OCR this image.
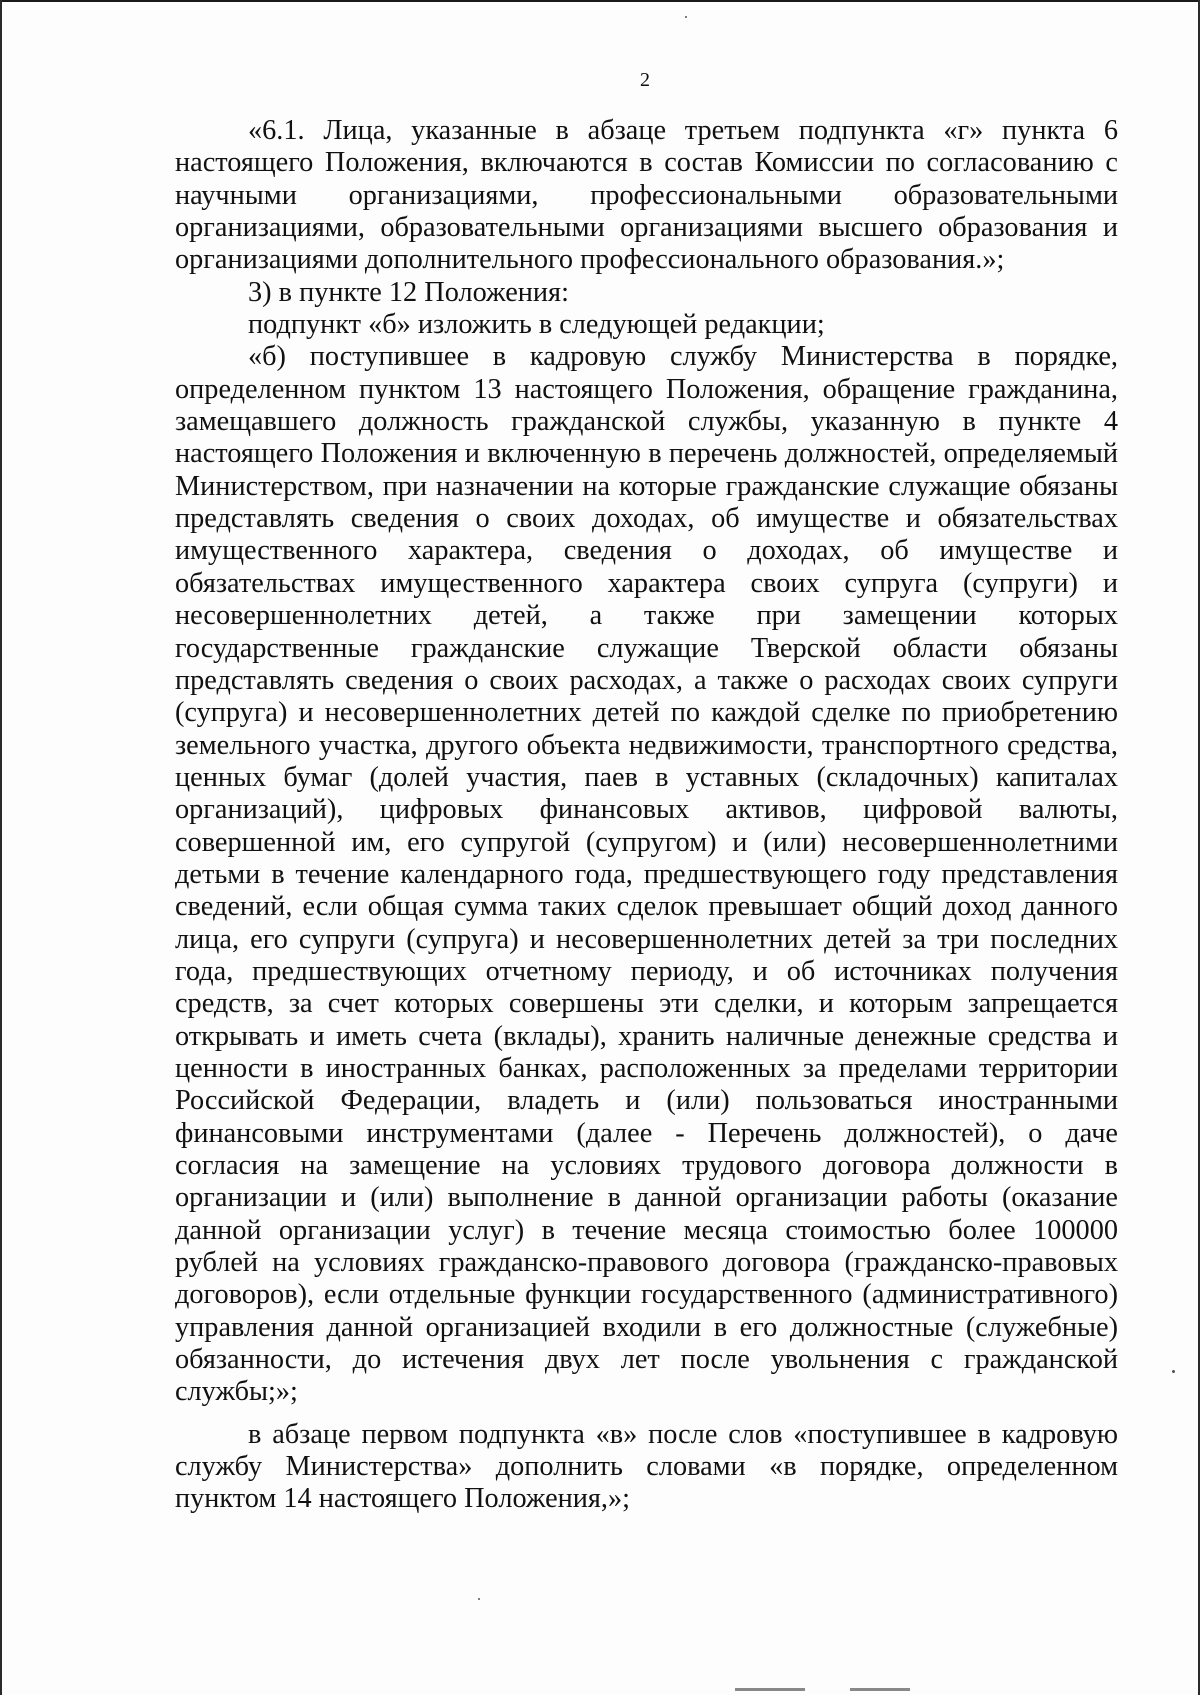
2

«6.1. Лица, указанные в абзаце третьем подпункта «г» пункта 6 настоящего Положения, включаются в состав Комиссии по согласованию с научными организациями, профессиональными образовательными организациями, образовательными организациями высшего образования и организациями дополнительного профессионального образования.»;

3) в пункте 12 Положения:

подпункт «б» изложить в следующей редакции;

«б) поступившее в кадровую службу Министерства в порядке, определенном пунктом 13 настоящего Положения, обращение гражданина, замещавшего должность гражданской службы, указанную в пункте 4 настоящего Положения и включенную в перечень должностей, определяемый Министерством, при назначении на которые гражданские служащие обязаны представлять сведения о своих доходах, об имуществе и обязательствах имущественного характера, сведения о доходах, об имуществе и обязательствах имущественного характера своих супруга (супруги) и несовершеннолетних детей, а также при замещении которых государственные гражданские служащие Тверской области обязаны представлять сведения о своих расходах, а также о расходах своих супруги (супруга) и несовершеннолетних детей по каждой сделке по приобретению земельного участка, другого объекта недвижимости, транспортного средства, ценных бумаг (долей участия, паев в уставных (складочных) капиталах организаций), цифровых финансовых активов, цифровой валюты, совершенной им, его супругой (супругом) и (или) несовершеннолетними детьми в течение календарного года, предшествующего году представления сведений, если общая сумма таких сделок превышает общий доход данного лица, его супруги (супруга) и несовершеннолетних детей за три последних года, предшествующих отчетному периоду, и об источниках получения средств, за счет которых совершены эти сделки, и которым запрещается открывать и иметь счета (вклады), хранить наличные денежные средства и ценности в иностранных банках, расположенных за пределами территории Российской Федерации, владеть и (или) пользоваться иностранными финансовыми инструментами (далее - Перечень должностей), о даче согласия на замещение на условиях трудового договора должности в организации и (или) выполнение в данной организации работы (оказание данной организации услуг) в течение месяца стоимостью более 100000 рублей на условиях гражданско-правового договора (гражданско-правовых договоров), если отдельные функции государственного (административного) управления данной организацией входили в его должностные (служебные) обязанности, до истечения двух лет после увольнения с гражданской службы;»;

в абзаце первом подпункта «в» после слов «поступившее в кадровую службу Министерства» дополнить словами «в порядке, определенном пунктом 14 настоящего Положения,»;
